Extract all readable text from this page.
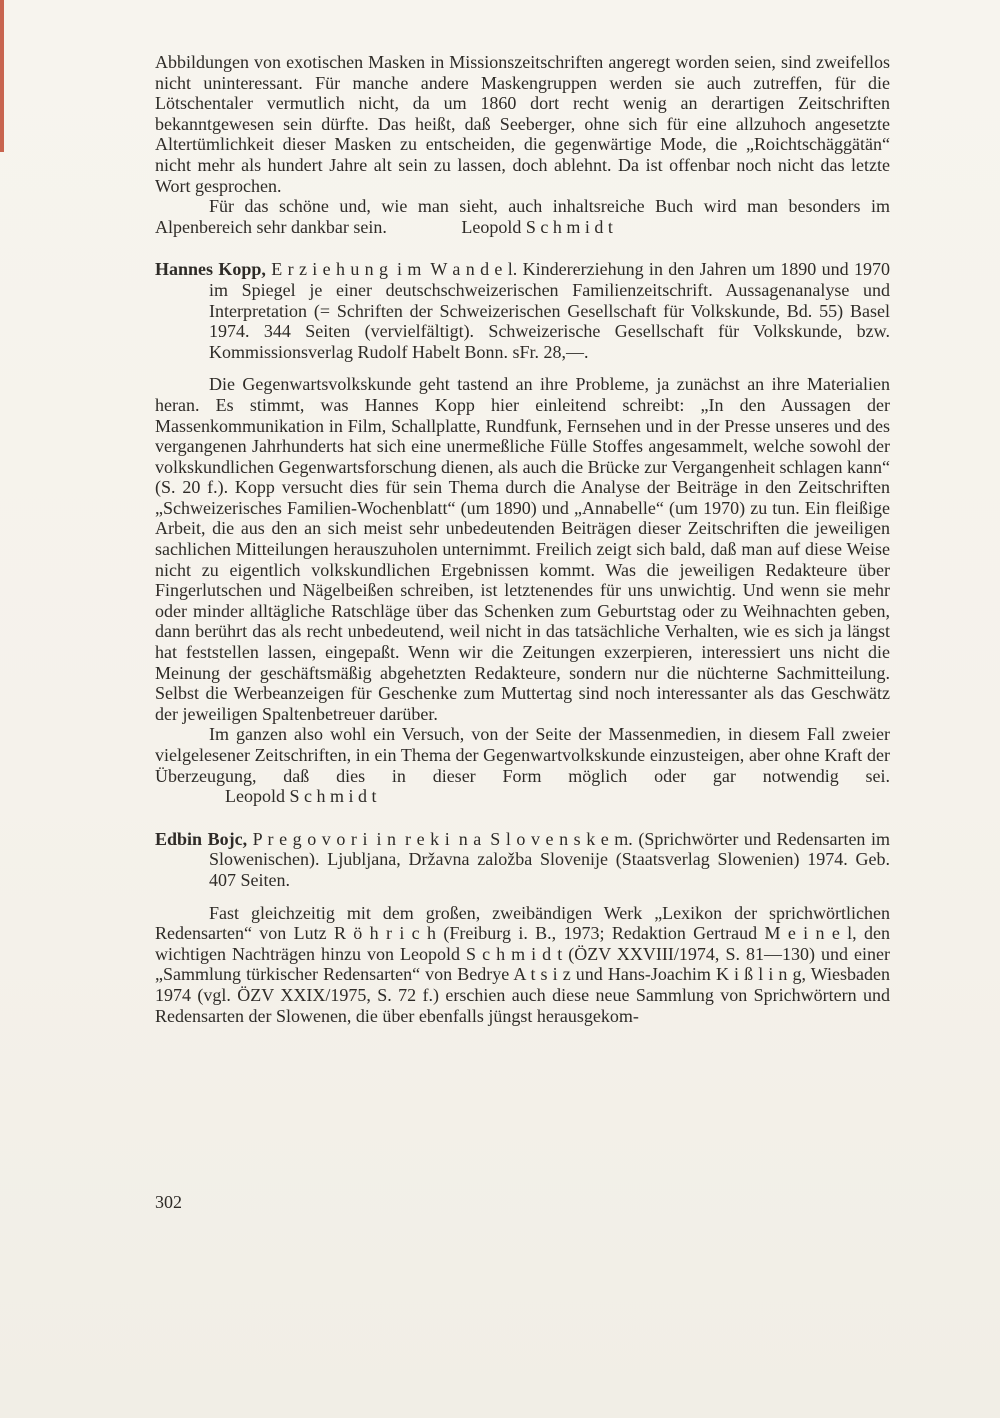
Abbildungen von exotischen Masken in Missionszeitschriften angeregt worden seien, sind zweifellos nicht uninteressant. Für manche andere Maskengruppen werden sie auch zutreffen, für die Lötschentaler vermutlich nicht, da um 1860 dort recht wenig an derartigen Zeitschriften bekanntgewesen sein dürfte. Das heißt, daß Seeberger, ohne sich für eine allzuhoch angesetzte Altertümlichkeit dieser Masken zu entscheiden, die gegenwärtige Mode, die „Roichtschäggätän“ nicht mehr als hundert Jahre alt sein zu lassen, doch ablehnt. Da ist offenbar noch nicht das letzte Wort gesprochen.

Für das schöne und, wie man sieht, auch inhaltsreiche Buch wird man besonders im Alpenbereich sehr dankbar sein.	Leopold S c h m i d t

Hannes Kopp, E r z i e h u n g i m W a n d e l. Kindererziehung in den Jahren um 1890 und 1970 im Spiegel je einer deutschschweizerischen Familienzeitschrift. Aussagenanalyse und Interpretation (= Schriften der Schweizerischen Gesellschaft für Volkskunde, Bd. 55) Basel 1974. 344 Seiten (vervielfältigt). Schweizerische Gesellschaft für Volkskunde, bzw. Kommissionsverlag Rudolf Habelt Bonn. sFr. 28,—.

Die Gegenwartsvolkskunde geht tastend an ihre Probleme, ja zunächst an ihre Materialien heran. Es stimmt, was Hannes Kopp hier einleitend schreibt: „In den Aussagen der Massenkommunikation in Film, Schallplatte, Rundfunk, Fernsehen und in der Presse unseres und des vergangenen Jahrhunderts hat sich eine unermeßliche Fülle Stoffes angesammelt, welche sowohl der volkskundlichen Gegenwartsforschung dienen, als auch die Brücke zur Vergangenheit schlagen kann“ (S. 20 f.). Kopp versucht dies für sein Thema durch die Analyse der Beiträge in den Zeitschriften „Schweizerisches Familien-Wochenblatt“ (um 1890) und „Annabelle“ (um 1970) zu tun. Ein fleißige Arbeit, die aus den an sich meist sehr unbedeutenden Beiträgen dieser Zeitschriften die jeweiligen sachlichen Mitteilungen herauszuholen unternimmt. Freilich zeigt sich bald, daß man auf diese Weise nicht zu eigentlich volkskundlichen Ergebnissen kommt. Was die jeweiligen Redakteure über Fingerlutschen und Nägelbeißen schreiben, ist letztenendes für uns unwichtig. Und wenn sie mehr oder minder alltägliche Ratschläge über das Schenken zum Geburtstag oder zu Weihnachten geben, dann berührt das als recht unbedeutend, weil nicht in das tatsächliche Verhalten, wie es sich ja längst hat feststellen lassen, eingepaßt. Wenn wir die Zeitungen exzerpieren, interessiert uns nicht die Meinung der geschäftsmäßig abgehetzten Redakteure, sondern nur die nüchterne Sachmitteilung. Selbst die Werbeanzeigen für Geschenke zum Muttertag sind noch interessanter als das Geschwätz der jeweiligen Spaltenbetreuer darüber.

Im ganzen also wohl ein Versuch, von der Seite der Massenmedien, in diesem Fall zweier vielgelesener Zeitschriften, in ein Thema der Gegenwartvolkskunde einzusteigen, aber ohne Kraft der Überzeugung, daß dies in dieser Form möglich oder gar notwendig sei. Leopold S c h m i d t

Edbin Bojc, P r e g o v o r i i n r e k i n a S l o v e n s k e m. (Sprichwörter und Redensarten im Slowenischen). Ljubljana, Državna založba Slovenije (Staatsverlag Slowenien) 1974. Geb. 407 Seiten.

Fast gleichzeitig mit dem großen, zweibändigen Werk „Lexikon der sprichwörtlichen Redensarten“ von Lutz R ö h r i c h (Freiburg i. B., 1973; Redaktion Gertraud M e i n e l, den wichtigen Nachträgen hinzu von Leopold S c h m i d t (ÖZV XXVIII/1974, S. 81—130) und einer „Sammlung türkischer Redensarten“ von Bedrye A t s i z und Hans-Joachim K i ß l i n g, Wiesbaden 1974 (vgl. ÖZV XXIX/1975, S. 72 f.) erschien auch diese neue Sammlung von Sprichwörtern und Redensarten der Slowenen, die über ebenfalls jüngst herausgekom-

302
